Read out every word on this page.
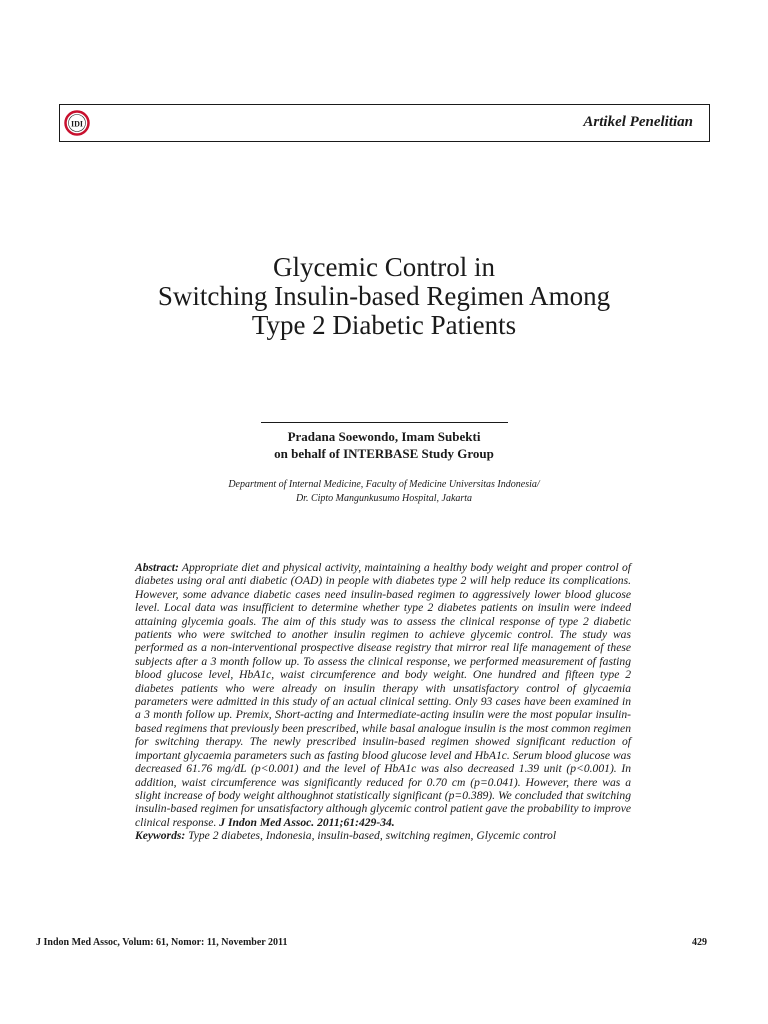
IDI	Artikel Penelitian
Glycemic Control in
Switching Insulin-based Regimen Among
Type 2 Diabetic Patients
Pradana Soewondo, Imam Subekti
on behalf of INTERBASE Study Group
Department of Internal Medicine, Faculty of Medicine Universitas Indonesia/
Dr. Cipto Mangunkusumo Hospital, Jakarta

Abstract: Appropriate diet and physical activity, maintaining a healthy body weight and proper control of diabetes using oral anti diabetic (OAD) in people with diabetes type 2 will help reduce its complications. However, some advance diabetic cases need insulin-based regimen to aggressively lower blood glucose level. Local data was insufficient to determine whether type 2 diabetes patients on insulin were indeed attaining glycemia goals. The aim of this study was to assess the clinical response of type 2 diabetic patients who were switched to another insulin regimen to achieve glycemic control. The study was performed as a non-interventional prospective disease registry that mirror real life management of these subjects after a 3 month follow up. To assess the clinical response, we performed measurement of fasting blood glucose level, HbA1c, waist circumference and body weight. One hundred and fifteen type 2 diabetes patients who were already on insulin therapy with unsatisfactory control of glycaemia parameters were admitted in this study of an actual clinical setting. Only 93 cases have been examined in a 3 month follow up. Premix, Short-acting and Intermediate-acting insulin were the most popular insulin-based regimens that previously been prescribed, while basal analogue insulin is the most common regimen for switching therapy. The newly prescribed insulin-based regimen showed significant reduction of important glycaemia parameters such as fasting blood glucose level and HbA1c. Serum blood glucose was decreased 61.76 mg/dL (p<0.001) and the level of HbA1c was also decreased 1.39 unit (p<0.001). In addition, waist circumference was significantly reduced for 0.70 cm (p=0.041). However, there was a slight increase of body weight althoughnot statistically significant (p=0.389). We concluded that switching insulin-based regimen for unsatisfactory although glycemic control patient gave the probability to improve clinical response. J Indon Med Assoc. 2011;61:429-34.

Keywords: Type 2 diabetes, Indonesia, insulin-based, switching regimen, Glycemic control

J Indon Med Assoc, Volum: 61, Nomor: 11, November 2011	429
